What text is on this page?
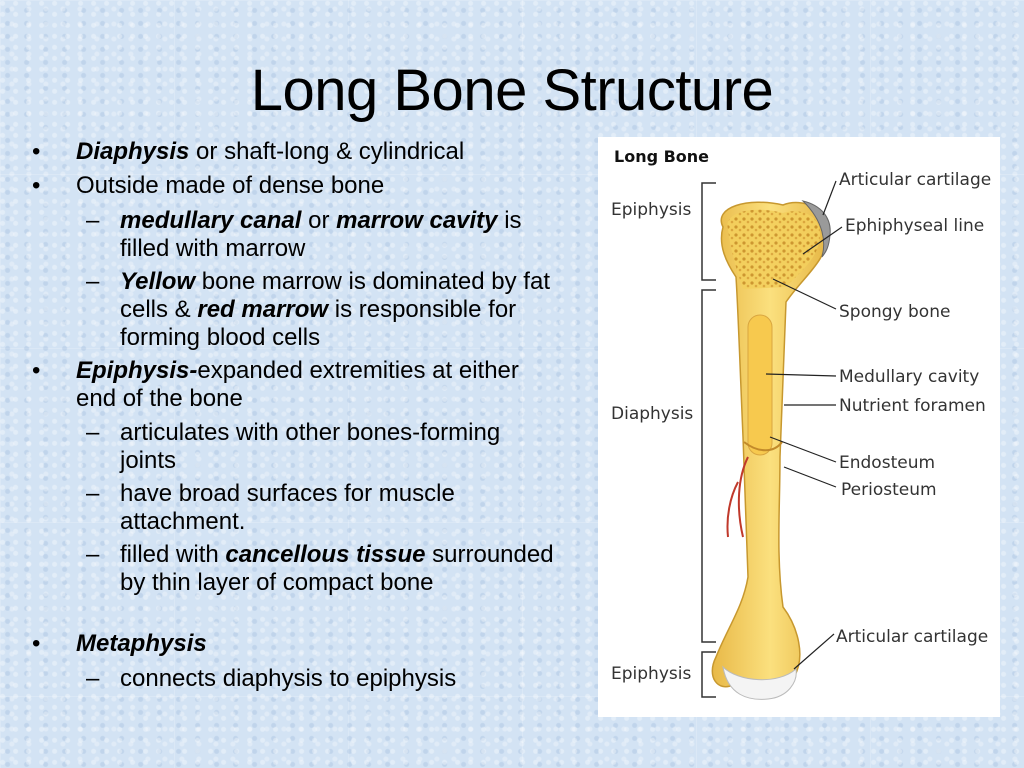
Long Bone Structure
• Diaphysis or shaft-long & cylindrical
• Outside made of dense bone
– medullary canal or marrow cavity is filled with marrow
– Yellow bone marrow is dominated by fat cells & red marrow is responsible for forming blood cells
• Epiphysis-expanded extremities at either end of the bone
– articulates with other bones-forming joints
– have broad surfaces for muscle attachment.
– filled with cancellous tissue surrounded by thin layer of compact bone
• Metaphysis
– connects diaphysis to epiphysis
Long Bone
Epiphysis
Diaphysis
Epiphysis
Articular cartilage
Ephiphyseal line
Spongy bone
Medullary cavity
Nutrient foramen
Endosteum
Periosteum
Articular cartilage
